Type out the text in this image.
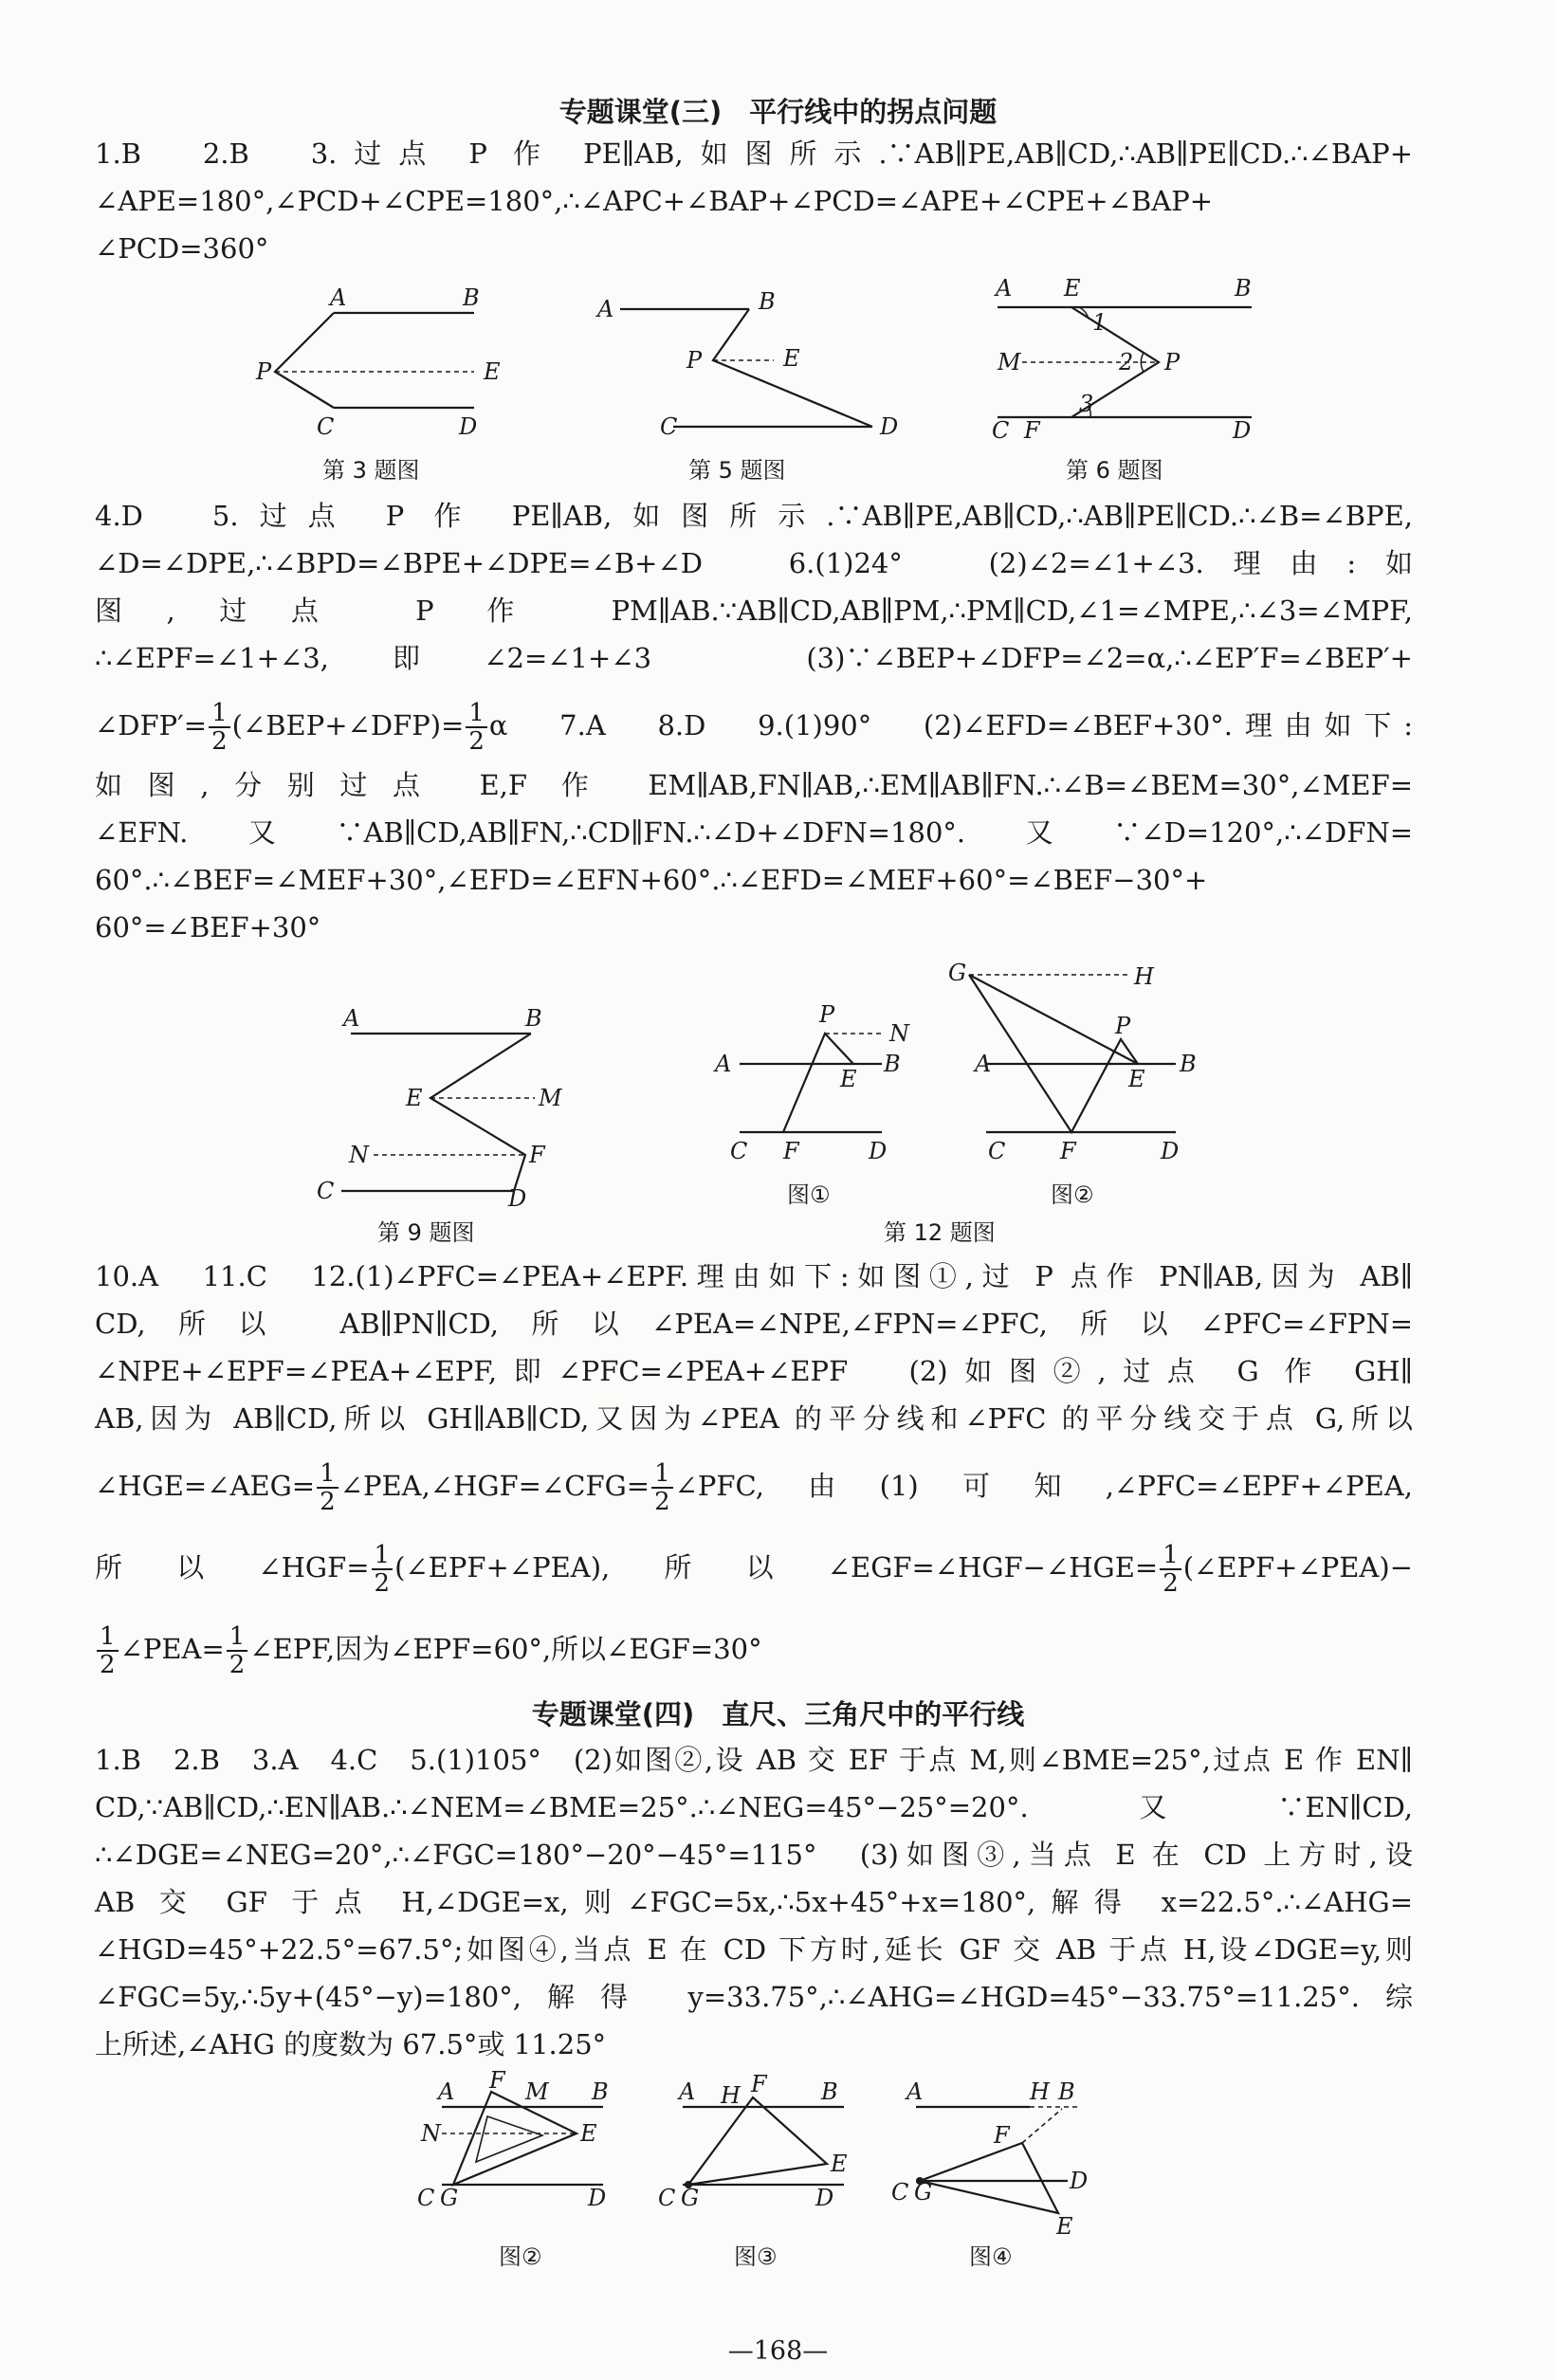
专题课堂(三)　平行线中的拐点问题
1.B　2.B　3.过点 P 作 PE∥AB,如图所示.∵AB∥PE,AB∥CD,∴AB∥PE∥CD.∴∠BAP+
∠APE=180°,∠PCD+∠CPE=180°,∴∠APC+∠BAP+∠PCD=∠APE+∠CPE+∠BAP+
∠PCD=360°
A	B
P	E
C	D
第 3 题图
A	B
P	E
C	D
第 5 题图
A E	B
1
M	2 P
3
C F	D
第 6 题图
4.D　5.过点 P 作 PE∥AB,如图所示.∵AB∥PE,AB∥CD,∴AB∥PE∥CD.∴∠B=∠BPE,
∠D=∠DPE,∴∠BPD=∠BPE+∠DPE=∠B+∠D　6.(1)24°　(2)∠2=∠1+∠3.理由:如
图,过点 P 作 PM∥AB.∵AB∥CD,AB∥PM,∴PM∥CD,∠1=∠MPE,∴∠3=∠MPF,
∴∠EPF=∠1+∠3,即∠2=∠1+∠3　(3)∵∠BEP+∠DFP=∠2=α,∴∠EP′F=∠BEP′+
∠DFP′= $\frac{1}{2}$ (∠BEP+∠DFP)= $\frac{1}{2}$ α　7.A　8.D　9.(1)90°　(2)∠EFD=∠BEF+30°.理由如下:
如图,分别过点 E,F 作 EM∥AB,FN∥AB,∴EM∥AB∥FN.∴∠B=∠BEM=30°,∠MEF=
∠EFN.又∵AB∥CD,AB∥FN,∴CD∥FN.∴∠D+∠DFN=180°.又∵∠D=120°,∴∠DFN=
60°.∴∠BEF=∠MEF+30°,∠EFD=∠EFN+60°.∴∠EFD=∠MEF+60°=∠BEF−30°+
60°=∠BEF+30°
A	B
E	M
N	F
C	D
第 9 题图
P
N
A
E
B
C F	D
G	H
P
A
E
B
C F	D
图①	图②
第 12 题图
10.A　11.C　12.(1)∠PFC=∠PEA+∠EPF.理由如下:如图①,过 P 点作 PN∥AB,因为 AB∥
CD,所以 AB∥PN∥CD,所以∠PEA=∠NPE,∠FPN=∠PFC,所以∠PFC=∠FPN=
∠NPE+∠EPF=∠PEA+∠EPF,即∠PFC=∠PEA+∠EPF　(2)如图②,过点 G 作 GH∥
AB,因为 AB∥CD,所以 GH∥AB∥CD,又因为∠PEA 的平分线和∠PFC 的平分线交于点 G,所以
∠HGE=∠AEG= $\frac{1}{2}$ ∠PEA,∠HGF=∠CFG= $\frac{1}{2}$ ∠PFC,由(1)可知,∠PFC=∠EPF+∠PEA,
所以∠HGF= $\frac{1}{2}$ (∠EPF+∠PEA),所以∠EGF=∠HGF−∠HGE= $\frac{1}{2}$ (∠EPF+∠PEA)−
$\frac{1}{2}$ ∠PEA= $\frac{1}{2}$ ∠EPF,因为∠EPF=60°,所以∠EGF=30°
专题课堂(四)　直尺、三角尺中的平行线
1.B　2.B　3.A　4.C　5.(1)105°　(2)如图②,设 AB 交 EF 于点 M,则∠BME=25°,过点 E 作 EN∥
CD,∵AB∥CD,∴EN∥AB.∴∠NEM=∠BME=25°.∴∠NEG=45°−25°=20°.又∵EN∥CD,
∴∠DGE=∠NEG=20°,∴∠FGC=180°−20°−45°=115°　(3)如图③,当点 E 在 CD 上方时,设
AB 交 GF 于点 H,∠DGE=x,则∠FGC=5x,∴5x+45°+x=180°,解得 x=22.5°.∴∠AHG=
∠HGD=45°+22.5°=67.5°;如图④,当点 E 在 CD 下方时,延长 GF 交 AB 于点 H,设∠DGE=y,则
∠FGC=5y,∴5y+(45°−y)=180°,解得 y=33.75°,∴∠AHG=∠HGD=45°−33.75°=11.25°.综
上所述,∠AHG 的度数为 67.5°或 11.25°
A F M B
N	E
C G	D
图②
A H F B
E
C G	D
图③
A	H B
F
D
C G
E
图④
—168—
